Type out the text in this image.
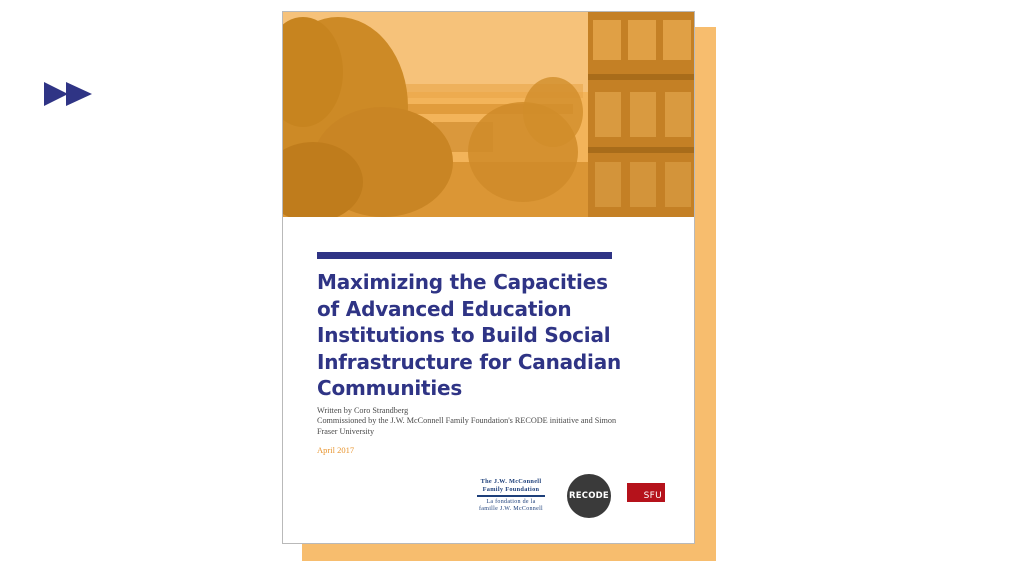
Maximizing the Capacities
of Advanced Education
Institutions to Build Social
Infrastructure for Canadian
Communities
Written by Coro Strandberg
Commissioned by the J.W. McConnell Family Foundation's RECODE initiative and Simon Fraser University
April 2017
The J.W. McConnell
Family Foundation
La fondation de la
famille J.W. McConnell
RECODE	SFU
